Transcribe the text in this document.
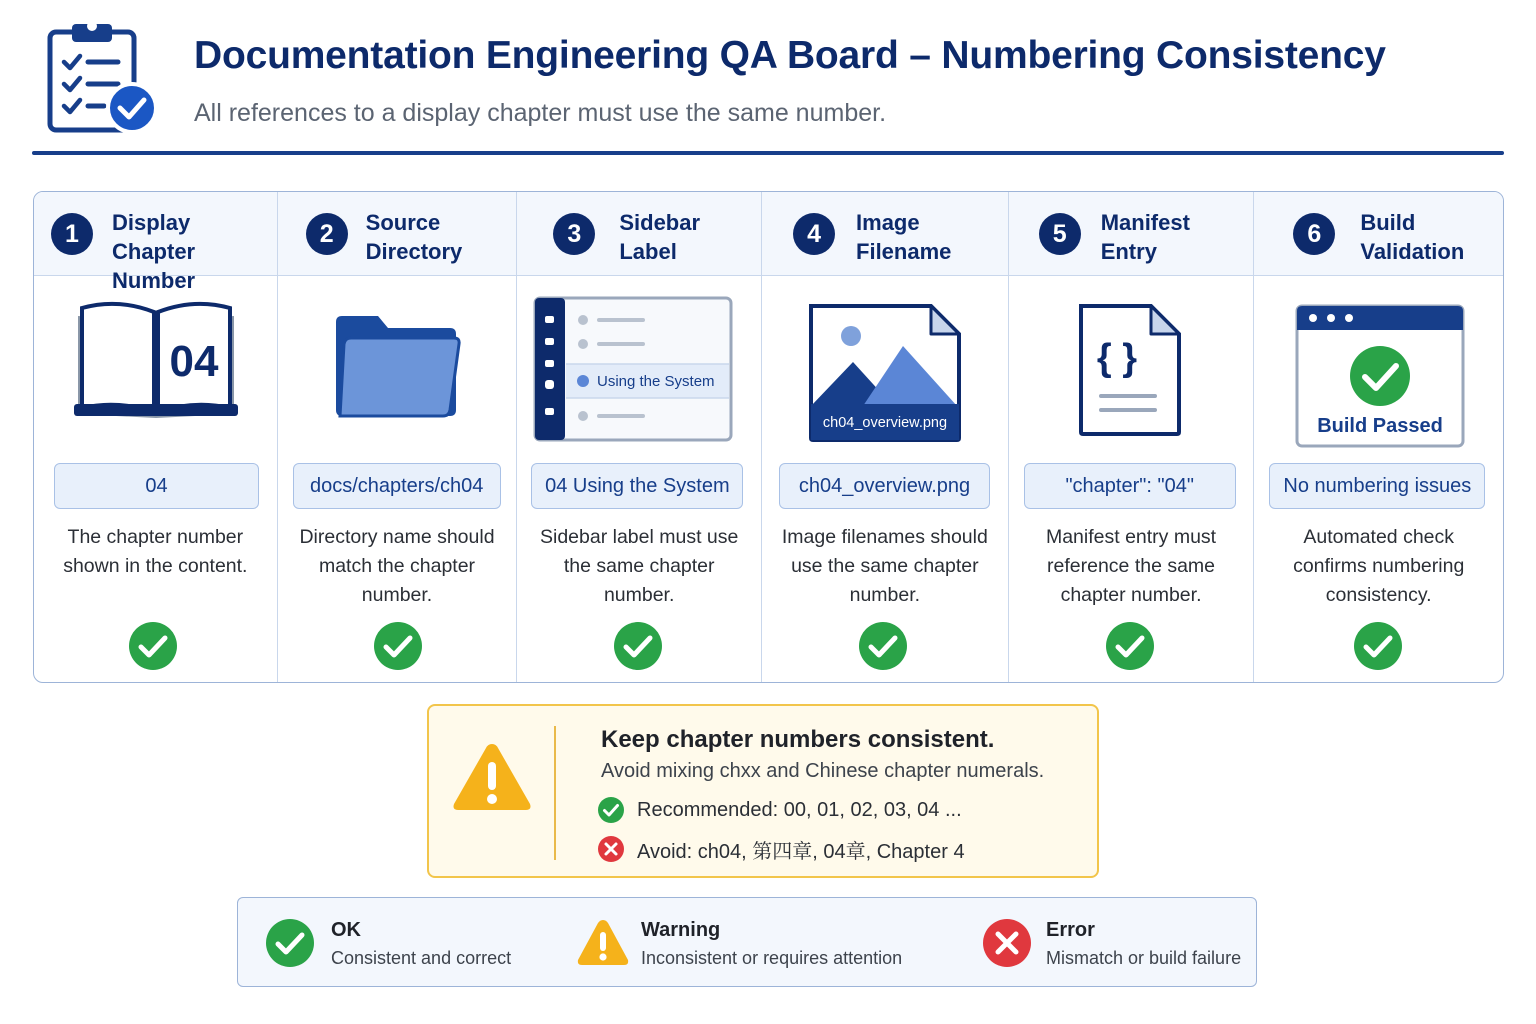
Documentation Engineering QA Board – Numbering Consistency
All references to a display chapter must use the same number.
1	Display
Chapter Number
04
04
The chapter number
shown in the content.
2	Source
Directory
docs/chapters/ch04
Directory name should
match the chapter
number.
3	Sidebar
Label
Using the System
04 Using the System
Sidebar label must use
the same chapter
number.
4	Image
Filename
ch04_overview.png
ch04_overview.png
Image filenames should
use the same chapter
number.
5	Manifest
Entry
{ }
"chapter": "04"
Manifest entry must
reference the same
chapter number.
6	Build
Validation
Build Passed
No numbering issues
Automated check
confirms numbering
consistency.
Keep chapter numbers consistent.
Avoid mixing chxx and Chinese chapter numerals.
Recommended: 00, 01, 02, 03, 04 ...
Avoid: ch04, 第四章, 04章, Chapter 4
OK
Consistent and correct
Warning
Inconsistent or requires attention
Error
Mismatch or build failure
